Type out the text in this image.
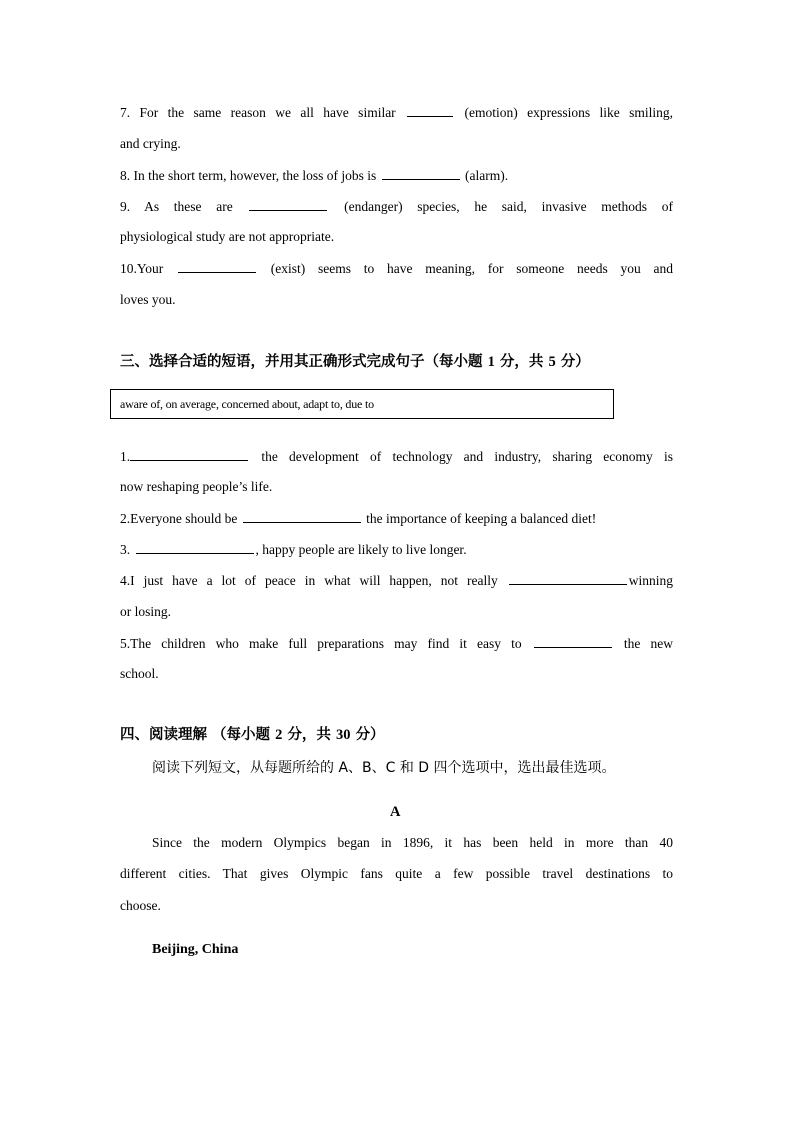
7. For the same reason we all have similar	(emotion) expressions like smiling,
and crying.
8. In the short term, however, the loss of jobs is	(alarm).
9. As these are	(endanger) species, he said, invasive methods of
physiological study are not appropriate.
10.Your	(exist) seems to have meaning, for someone needs you and
loves you.
三、选择合适的短语，并用其正确形式完成句子（每小题 1 分，共 5 分）
aware of, on average, concerned about, adapt to, due to
1.	the development of technology and industry, sharing economy is
now reshaping people’s life.
2.Everyone should be	the importance of keeping a balanced diet!
3.	, happy people are likely to live longer.
4.I just have a lot of peace in what will happen, not really	winning
or losing.
5.The children who make full preparations may find it easy to	the new
school.
四、阅读理解 （每小题 2 分，共 30 分）
阅读下列短文，从每题所给的 A、B、C 和 D 四个选项中，选出最佳选项。
A
Since the modern Olympics began in 1896, it has been held in more than 40
different cities. That gives Olympic fans quite a few possible travel destinations to
choose.
Beijing, China
